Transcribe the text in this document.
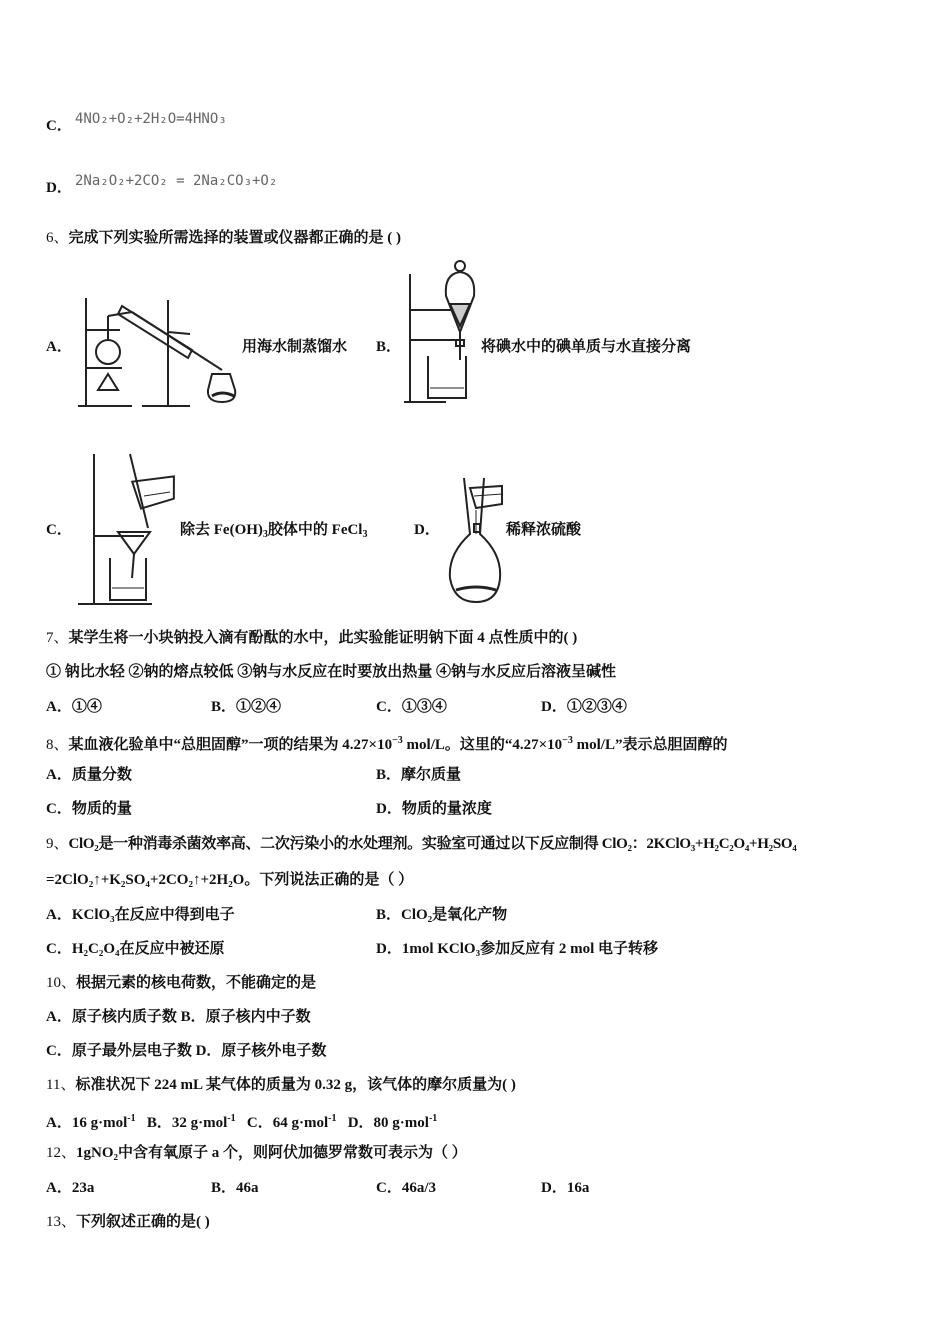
C． 4NO₂+O₂+2H₂O=4HNO₃
D． 2Na₂O₂+2CO₂ = 2Na₂CO₃+O₂
6、完成下列实验所需选择的装置或仪器都正确的是 ( )
A．	用海水制蒸馏水 B．	将碘水中的碘单质与水直接分离
C．	除去 $Fe(OH)_3$胶体中的 FeCl$_3$	D．	稀释浓硫酸
7、某学生将一小块钠投入滴有酚酞的水中，此实验能证明钠下面 4 点性质中的( )
① 钠比水轻 ②钠的熔点较低 ③钠与水反应在时要放出热量 ④钠与水反应后溶液呈碱性
A．①④	B．①②④	C．①③④	D．①②③④
8、某血液化验单中“总胆固醇”一项的结果为 $4.27\times 10^{-3}$ mol/L。这里的“$4.27\times 10^{-3}$ mol/L”表示总胆固醇的
A．质量分数	B．摩尔质量
C．物质的量	D．物质的量浓度
9、ClO₂是一种消毒杀菌效率高、二次污染小的水处理剂。实验室可通过以下反应制得 ClO₂：2KClO₃+H₂C₂O₄+H₂SO₄
=2ClO₂↑+K₂SO₄+2CO₂↑+2H₂O。下列说法正确的是（ ）
A．KClO₃在反应中得到电子	B．ClO₂是氧化产物
C．H₂C₂O₄在反应中被还原	D．1mol KClO₃参加反应有 2 mol 电子转移
10、根据元素的核电荷数，不能确定的是
A．原子核内质子数 B．原子核内中子数
C．原子最外层电子数 D．原子核外电子数
11、标准状况下 224 mL 某气体的质量为 0.32 g，该气体的摩尔质量为( )
A．16 g·mol$^{-1}$ B．32 g·mol$^{-1}$ C．64 g·mol$^{-1}$ D．80 g·mol$^{-1}$
12、1gNO₂中含有氧原子 a 个，则阿伏加德罗常数可表示为（ ）
A．23a	B．46a	C．46a/3	D．16a
13、下列叙述正确的是( )
